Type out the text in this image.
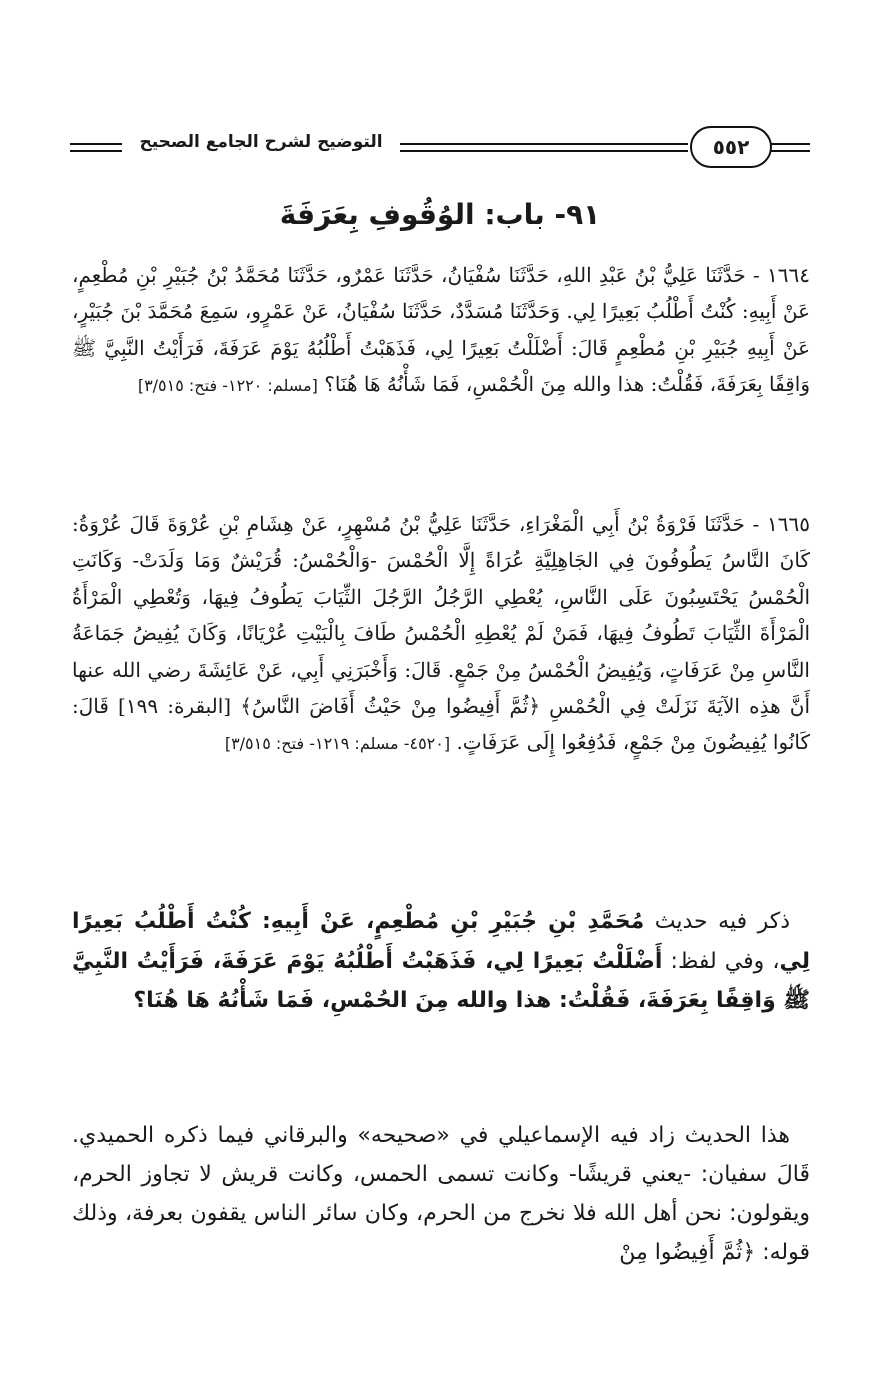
التوضيح لشرح الجامع الصحيح	٥٥٢
٩١- باب: الوُقُوفِ بِعَرَفَةَ
١٦٦٤ - حَدَّثَنَا عَلِيُّ بْنُ عَبْدِ اللهِ، حَدَّثَنَا سُفْيَانُ، حَدَّثَنَا عَمْرٌو، حَدَّثَنَا مُحَمَّدُ بْنُ جُبَيْرِ بْنِ مُطْعِمٍ، عَنْ أَبِيهِ: كُنْتُ أَطْلُبُ بَعِيرًا لِي. وَحَدَّثَنَا مُسَدَّدٌ، حَدَّثَنَا سُفْيَانُ، عَنْ عَمْرٍو، سَمِعَ مُحَمَّدَ بْنَ جُبَيْرٍ، عَنْ أَبِيهِ جُبَيْرِ بْنِ مُطْعِمٍ قَالَ: أَضْلَلْتُ بَعِيرًا لِي، فَذَهَبْتُ أَطْلُبُهُ يَوْمَ عَرَفَةَ، فَرَأَيْتُ النَّبِيَّ ﷺ وَاقِفًا بِعَرَفَةَ، فَقُلْتُ: هذا والله مِنَ الْحُمْسِ، فَمَا شَأْنُهُ هَا هُنَا؟ [مسلم: ١٢٢٠- فتح: ٣/٥١٥]
١٦٦٥ - حَدَّثَنَا فَرْوَةُ بْنُ أَبِي الْمَغْرَاءِ، حَدَّثَنَا عَلِيُّ بْنُ مُسْهِرٍ، عَنْ هِشَامِ بْنِ عُرْوَةَ قَالَ عُرْوَةُ: كَانَ النَّاسُ يَطُوفُونَ فِي الجَاهِلِيَّةِ عُرَاةً إِلَّا الْحُمْسَ -وَالْحُمْسُ: قُرَيْشٌ وَمَا وَلَدَتْ- وَكَانَتِ الْحُمْسُ يَحْتَسِبُونَ عَلَى النَّاسِ، يُعْطِي الرَّجُلُ الرَّجُلَ الثِّيَابَ يَطُوفُ فِيهَا، وَتُعْطِي الْمَرْأَةُ الْمَرْأَةَ الثِّيَابَ تَطُوفُ فِيهَا، فَمَنْ لَمْ يُعْطِهِ الْحُمْسُ طَافَ بِالْبَيْتِ عُرْيَانًا، وَكَانَ يُفِيضُ جَمَاعَةُ النَّاسِ مِنْ عَرَفَاتٍ، وَيُفِيضُ الْحُمْسُ مِنْ جَمْعٍ. قَالَ: وَأَخْبَرَنِي أَبِي، عَنْ عَائِشَةَ رضي الله عنها أَنَّ هذِه الآيَةَ نَزَلَتْ فِي الْحُمْسِ ﴿ثُمَّ أَفِيضُوا مِنْ حَيْثُ أَفَاضَ النَّاسُ﴾ [البقرة: ١٩٩] قَالَ: كَانُوا يُفِيضُونَ مِنْ جَمْعٍ، فَدُفِعُوا إِلَى عَرَفَاتٍ. [٤٥٢٠- مسلم: ١٢١٩- فتح: ٣/٥١٥]
ذكر فيه حديث مُحَمَّدِ بْنِ جُبَيْرِ بْنِ مُطْعِمٍ، عَنْ أَبِيهِ: كُنْتُ أَطْلُبُ بَعِيرًا لِي، وفي لفظ: أَضْلَلْتُ بَعِيرًا لِي، فَذَهَبْتُ أَطْلُبُهُ يَوْمَ عَرَفَةَ، فَرَأَيْتُ النَّبِيَّ ﷺ وَاقِفًا بِعَرَفَةَ، فَقُلْتُ: هذا والله مِنَ الحُمْسِ، فَمَا شَأْنُهُ هَا هُنَا؟
هذا الحديث زاد فيه الإسماعيلي في «صحيحه» والبرقاني فيما ذكره الحميدي. قَالَ سفيان: -يعني قريشًا- وكانت تسمى الحمس، وكانت قريش لا تجاوز الحرم، ويقولون: نحن أهل الله فلا نخرج من الحرم، وكان سائر الناس يقفون بعرفة، وذلك قوله: ﴿ثُمَّ أَفِيضُوا مِنْ
